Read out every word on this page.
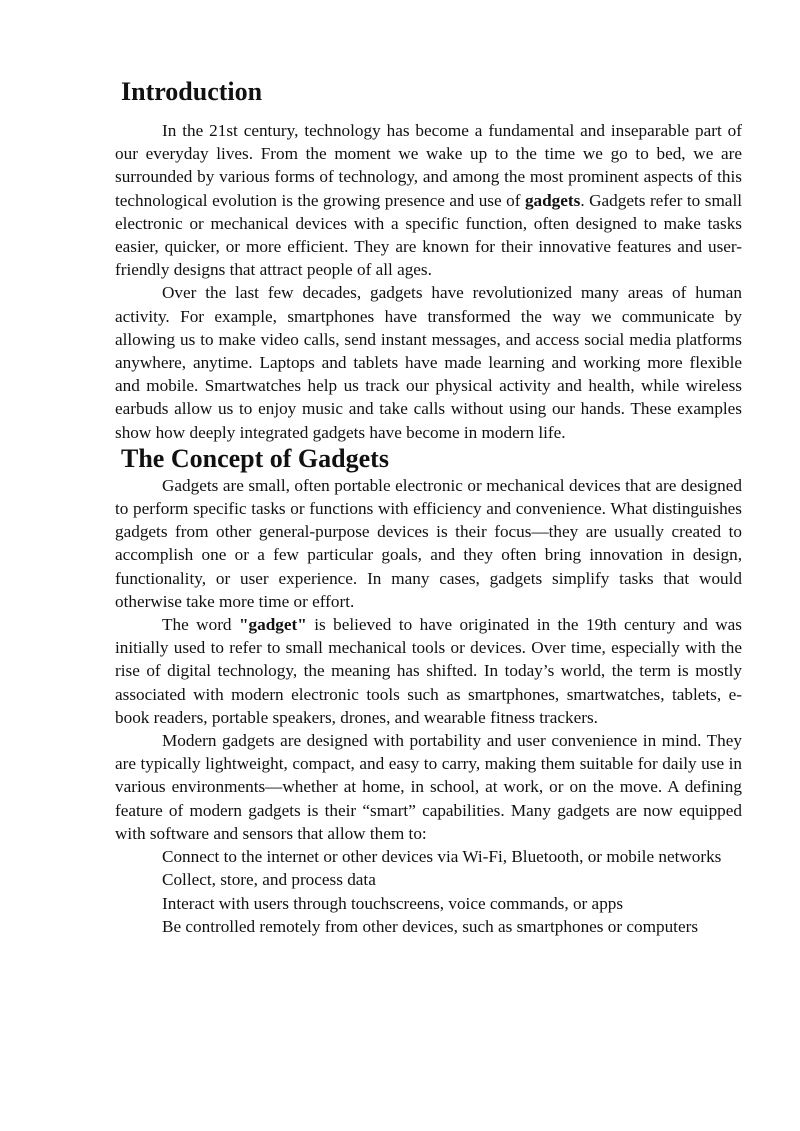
Introduction

In the 21st century, technology has become a fundamental and inseparable part of our everyday lives. From the moment we wake up to the time we go to bed, we are surrounded by various forms of technology, and among the most prominent aspects of this technological evolution is the growing presence and use of gadgets. Gadgets refer to small electronic or mechanical devices with a specific function, often designed to make tasks easier, quicker, or more efficient. They are known for their innovative features and user-friendly designs that attract people of all ages.

Over the last few decades, gadgets have revolutionized many areas of human activity. For example, smartphones have transformed the way we communicate by allowing us to make video calls, send instant messages, and access social media platforms anywhere, anytime. Laptops and tablets have made learning and working more flexible and mobile. Smartwatches help us track our physical activity and health, while wireless earbuds allow us to enjoy music and take calls without using our hands. These examples show how deeply integrated gadgets have become in modern life.

The Concept of Gadgets

Gadgets are small, often portable electronic or mechanical devices that are designed to perform specific tasks or functions with efficiency and convenience. What distinguishes gadgets from other general-purpose devices is their focus—they are usually created to accomplish one or a few particular goals, and they often bring innovation in design, functionality, or user experience. In many cases, gadgets simplify tasks that would otherwise take more time or effort.

The word "gadget" is believed to have originated in the 19th century and was initially used to refer to small mechanical tools or devices. Over time, especially with the rise of digital technology, the meaning has shifted. In today’s world, the term is mostly associated with modern electronic tools such as smartphones, smartwatches, tablets, e-book readers, portable speakers, drones, and wearable fitness trackers.

Modern gadgets are designed with portability and user convenience in mind. They are typically lightweight, compact, and easy to carry, making them suitable for daily use in various environments—whether at home, in school, at work, or on the move. A defining feature of modern gadgets is their “smart” capabilities. Many gadgets are now equipped with software and sensors that allow them to:

Connect to the internet or other devices via Wi-Fi, Bluetooth, or mobile networks

Collect, store, and process data

Interact with users through touchscreens, voice commands, or apps

Be controlled remotely from other devices, such as smartphones or computers
